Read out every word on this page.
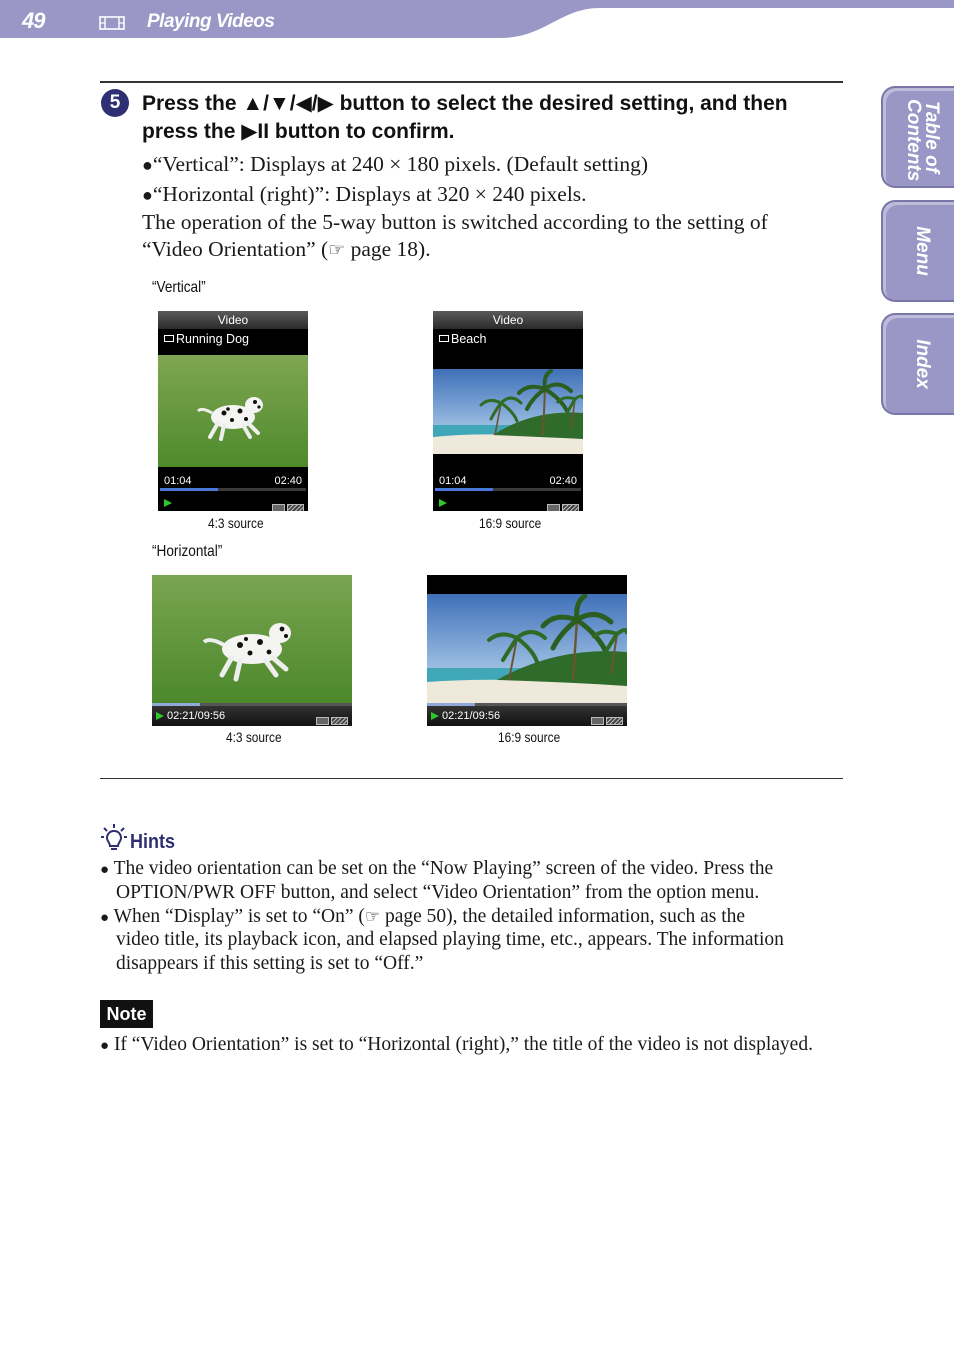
49	Playing Videos
Table of Contents
Menu
Index
5	Press the ▲/▼/◀/▶ button to select the desired setting, and then
press the ▶II button to confirm.
●“Vertical”: Displays at 240 × 180 pixels. (Default setting)
●“Horizontal (right)”: Displays at 320 × 240 pixels.
The operation of the 5-way button is switched according to the setting of
“Video Orientation” (☞ page 18).
“Vertical”
Video
Running Dog
01:04	02:40
4:3 source
Video
Beach
01:04	02:40
16:9 source
“Horizontal”
02:21/09:56
4:3 source
02:21/09:56
16:9 source
Hints
● The video orientation can be set on the “Now Playing” screen of the video. Press the
OPTION/PWR OFF button, and select “Video Orientation” from the option menu.
● When “Display” is set to “On” (☞ page 50), the detailed information, such as the
video title, its playback icon, and elapsed playing time, etc., appears. The information
disappears if this setting is set to “Off.”
Note
● If “Video Orientation” is set to “Horizontal (right),” the title of the video is not displayed.
